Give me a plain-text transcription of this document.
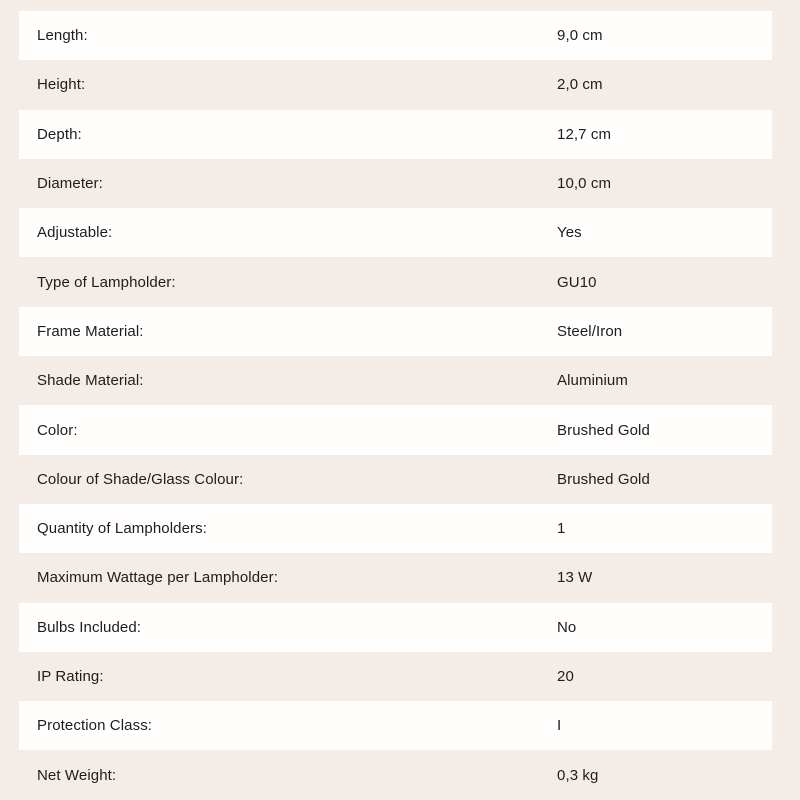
Length:	9,0 cm
Height:	2,0 cm
Depth:	12,7 cm
Diameter:	10,0 cm
Adjustable:	Yes
Type of Lampholder:	GU10
Frame Material:	Steel/Iron
Shade Material:	Aluminium
Color:	Brushed Gold
Colour of Shade/Glass Colour:	Brushed Gold
Quantity of Lampholders:	1
Maximum Wattage per Lampholder:	13 W
Bulbs Included:	No
IP Rating:	20
Protection Class:	I
Net Weight:	0,3 kg
